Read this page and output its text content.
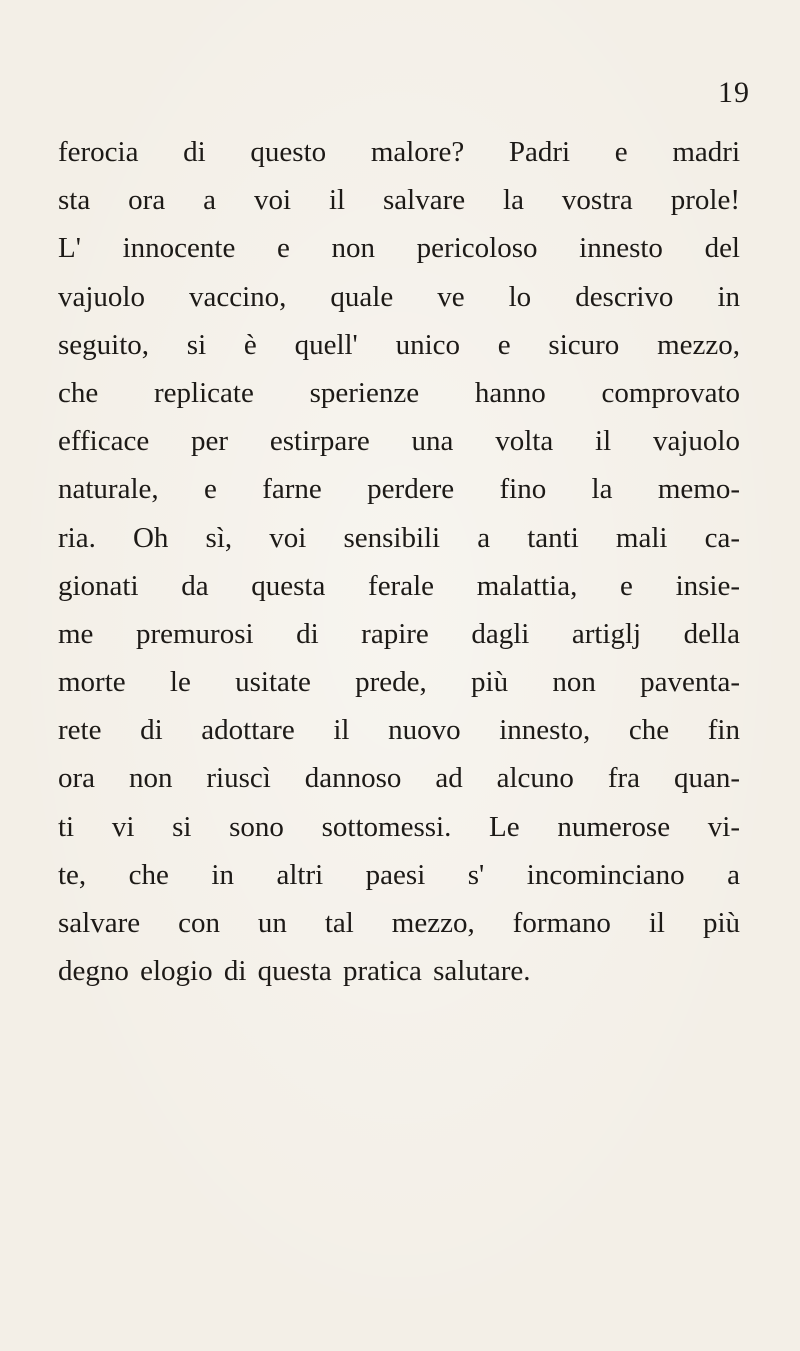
19
ferocia di questo malore? Padri e madri
sta ora a voi il salvare la vostra prole!
L' innocente e non pericoloso innesto del
vajuolo vaccino, quale ve lo descrivo in
seguito, si è quell' unico e sicuro mezzo,
che replicate sperienze hanno comprovato
efficace per estirpare una volta il vajuolo
naturale, e farne perdere fino la memo-
ria. Oh sì, voi sensibili a tanti mali ca-
gionati da questa ferale malattia, e insie-
me premurosi di rapire dagli artiglj della
morte le usitate prede, più non paventa-
rete di adottare il nuovo innesto, che fin
ora non riuscì dannoso ad alcuno fra quan-
ti vi si sono sottomessi. Le numerose vi-
te, che in altri paesi s' incominciano a
salvare con un tal mezzo, formano il più
degno elogio di questa pratica salutare.
